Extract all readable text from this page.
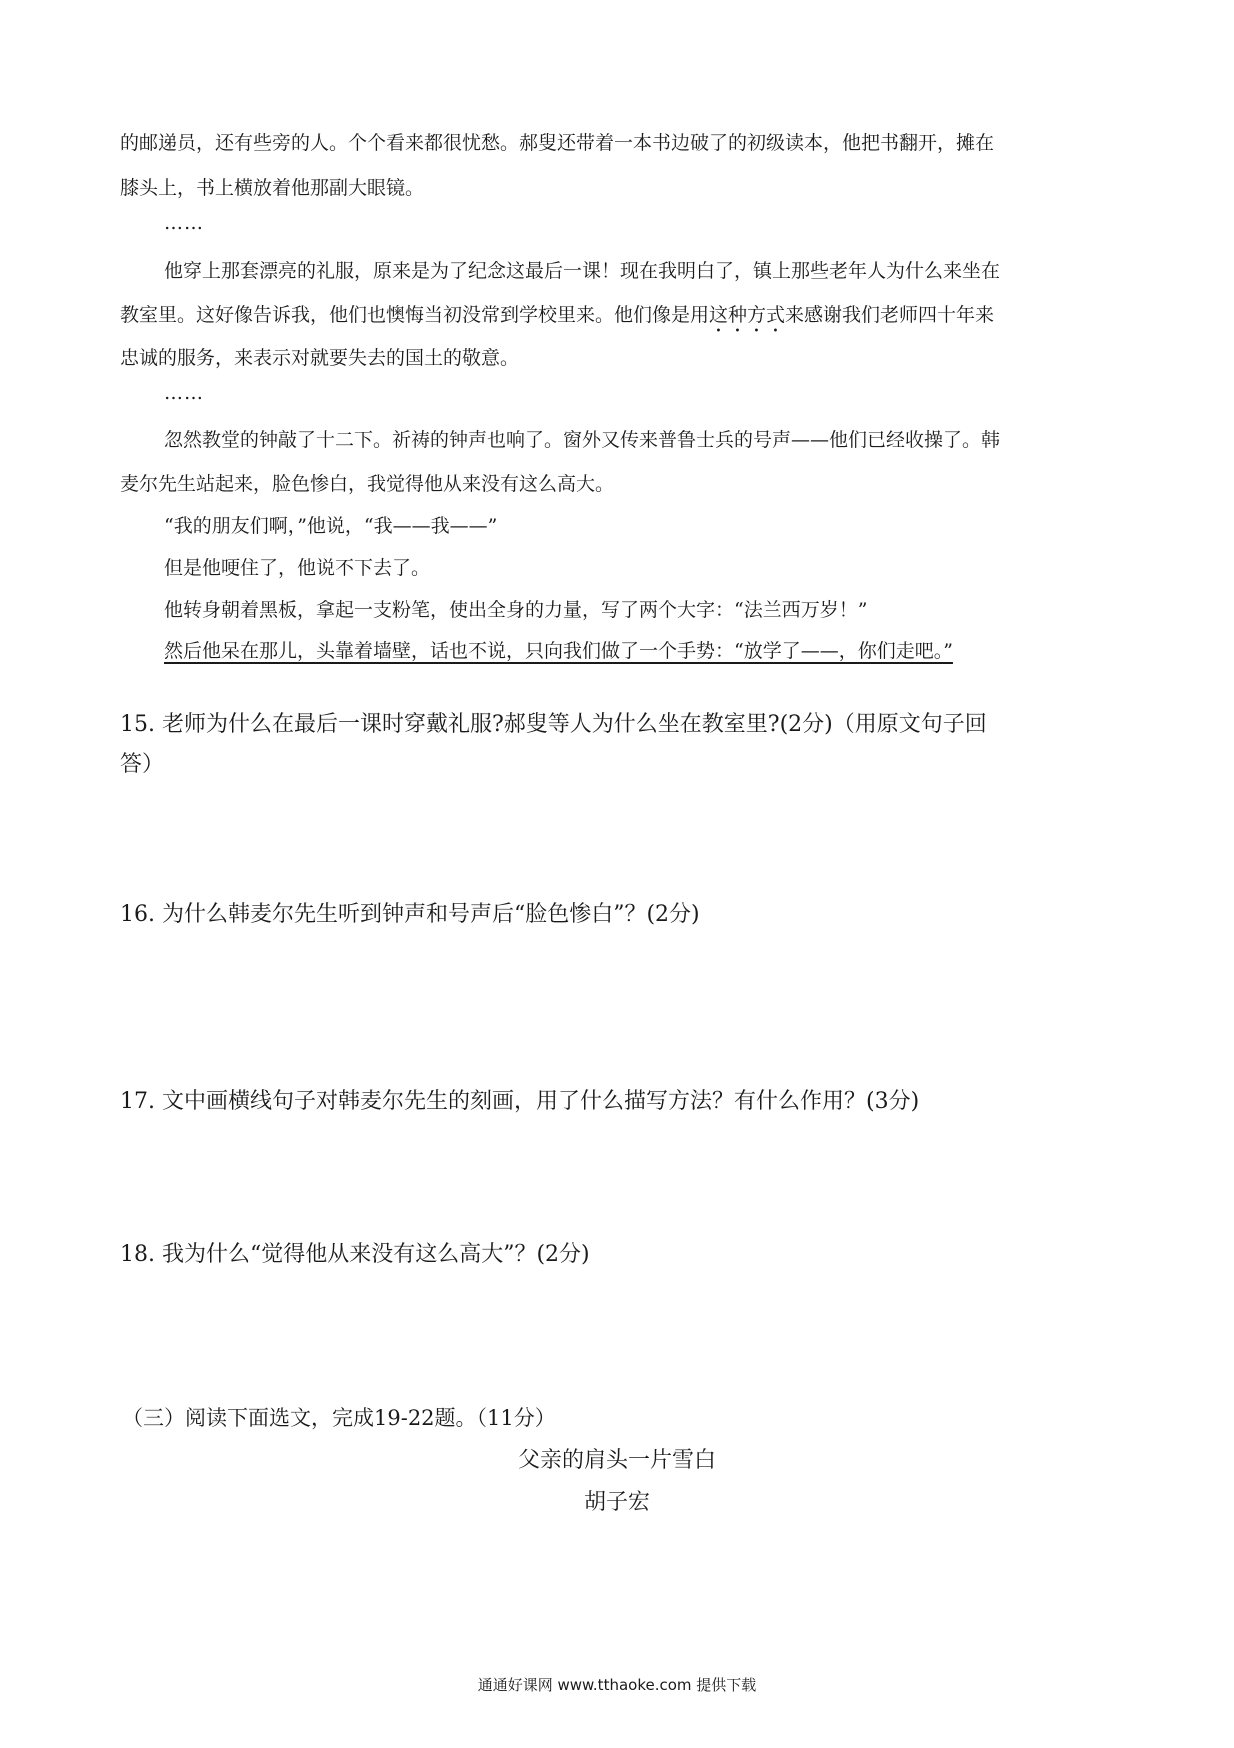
的邮递员，还有些旁的人。个个看来都很忧愁。郝叟还带着一本书边破了的初级读本，他把书翻开，摊在
膝头上，书上横放着他那副大眼镜。
……
他穿上那套漂亮的礼服，原来是为了纪念这最后一课！现在我明白了，镇上那些老年人为什么来坐在
教室里。这好像告诉我，他们也懊悔当初没常到学校里来。他们像是用这种方式来感谢我们老师四十年来
忠诚的服务，来表示对就要失去的国土的敬意。
……
忽然教堂的钟敲了十二下。祈祷的钟声也响了。窗外又传来普鲁士兵的号声——他们已经收操了。韩
麦尔先生站起来，脸色惨白，我觉得他从来没有这么高大。
“我的朋友们啊，”他说，“我——我——”
但是他哽住了，他说不下去了。
他转身朝着黑板，拿起一支粉笔，使出全身的力量，写了两个大字：“法兰西万岁！”
然后他呆在那儿，头靠着墙壁，话也不说，只向我们做了一个手势：“放学了——，你们走吧。”
15. 老师为什么在最后一课时穿戴礼服?郝叟等人为什么坐在教室里?(2分)（用原文句子回
答）
16. 为什么韩麦尔先生听到钟声和号声后“脸色惨白”？(2分)
17. 文中画横线句子对韩麦尔先生的刻画，用了什么描写方法？有什么作用？(3分)
18. 我为什么“觉得他从来没有这么高大”？(2分)
（三）阅读下面选文，完成19-22题。（11分）
父亲的肩头一片雪白
胡子宏
通通好课网 www.tthaoke.com 提供下载
